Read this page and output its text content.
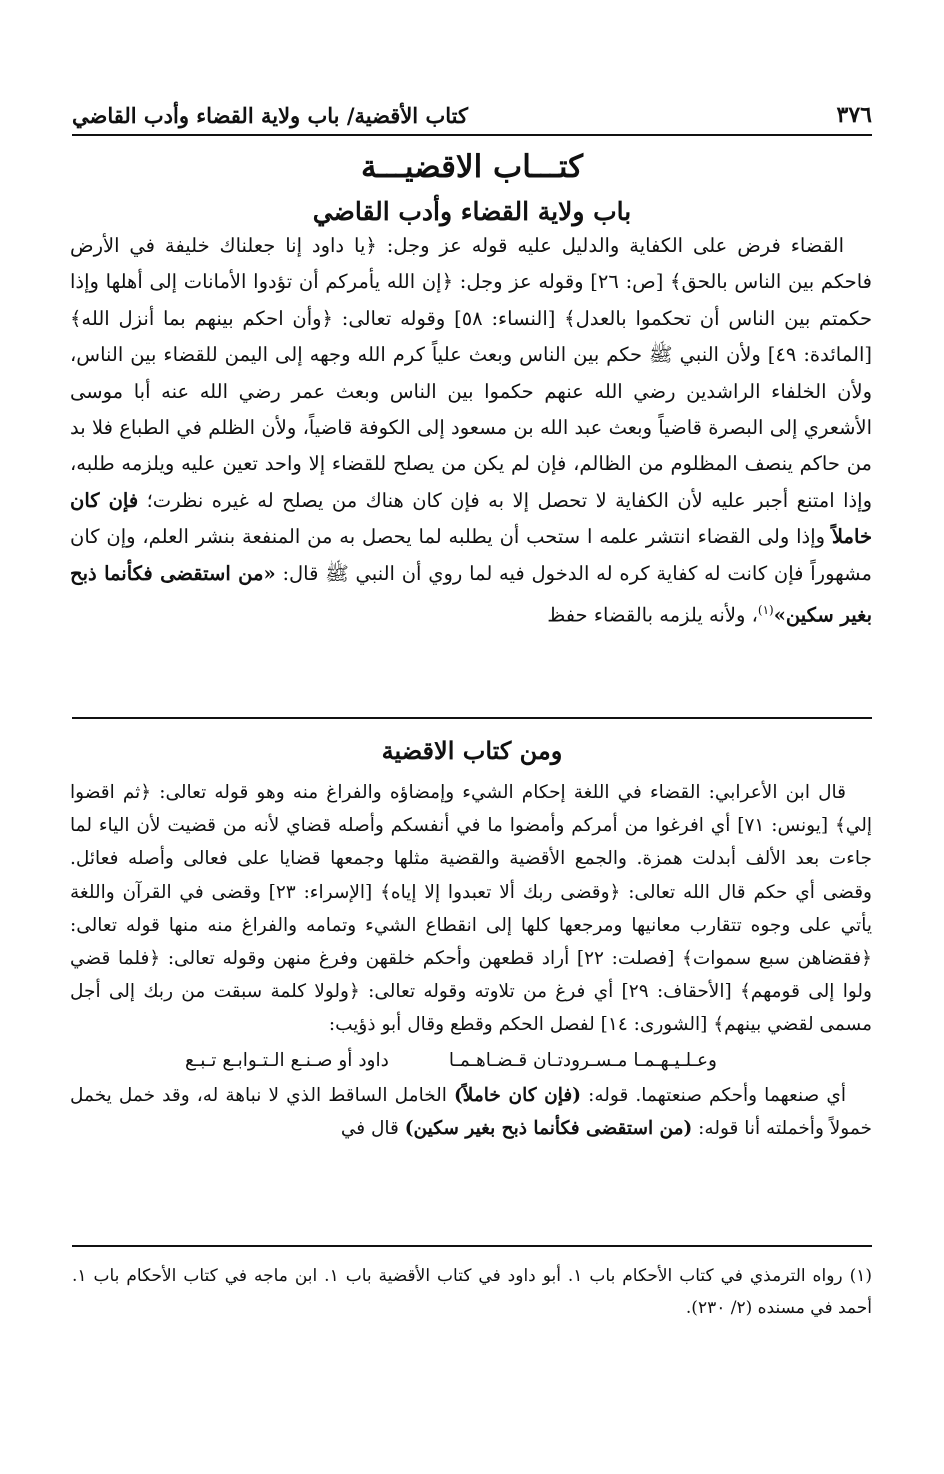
٣٧٦
كتاب الأقضية/ باب ولاية القضاء وأدب القاضي
كتـــاب الاقضيـــة
باب ولاية القضاء وأدب القاضي

القضاء فرض على الكفاية والدليل عليه قوله عز وجل: ﴿يا داود إنا جعلناك خليفة في الأرض فاحكم بين الناس بالحق﴾ [ص: ٢٦] وقوله عز وجل: ﴿إن الله يأمركم أن تؤدوا الأمانات إلى أهلها وإذا حكمتم بين الناس أن تحكموا بالعدل﴾ [النساء: ٥٨] وقوله تعالى: ﴿وأن احكم بينهم بما أنزل الله﴾ [المائدة: ٤٩] ولأن النبي ﷺ حكم بين الناس وبعث علياً كرم الله وجهه إلى اليمن للقضاء بين الناس، ولأن الخلفاء الراشدين رضي الله عنهم حكموا بين الناس وبعث عمر رضي الله عنه أبا موسى الأشعري إلى البصرة قاضياً وبعث عبد الله بن مسعود إلى الكوفة قاضياً، ولأن الظلم في الطباع فلا بد من حاكم ينصف المظلوم من الظالم، فإن لم يكن من يصلح للقضاء إلا واحد تعين عليه ويلزمه طلبه، وإذا امتنع أجبر عليه لأن الكفاية لا تحصل إلا به فإن كان هناك من يصلح له غيره نظرت؛ فإن كان خاملاً وإذا ولى القضاء انتشر علمه ا ستحب أن يطلبه لما يحصل به من المنفعة بنشر العلم، وإن كان مشهوراً فإن كانت له كفاية كره له الدخول فيه لما روي أن النبي ﷺ قال: «من استقضى فكأنما ذبح بغير سكين»$^{(١)}$، ولأنه يلزمه بالقضاء حفظ

ومن كتاب الاقضية

قال ابن الأعرابي: القضاء في اللغة إحكام الشيء وإمضاؤه والفراغ منه وهو قوله تعالى: ﴿ثم اقضوا إلي﴾ [يونس: ٧١] أي افرغوا من أمركم وأمضوا ما في أنفسكم وأصله قضاي لأنه من قضيت لأن الياء لما جاءت بعد الألف أبدلت همزة. والجمع الأقضية والقضية مثلها وجمعها قضايا على فعالى وأصله فعائل. وقضى أي حكم قال الله تعالى: ﴿وقضى ربك ألا تعبدوا إلا إياه﴾ [الإسراء: ٢٣] وقضى في القرآن واللغة يأتي على وجوه تتقارب معانيها ومرجعها كلها إلى انقطاع الشيء وتمامه والفراغ منه منها قوله تعالى: ﴿فقضاهن سبع سموات﴾ [فصلت: ٢٢] أراد قطعهن وأحكم خلقهن وفرغ منهن وقوله تعالى: ﴿فلما قضي ولوا إلى قومهم﴾ [الأحقاف: ٢٩] أي فرغ من تلاوته وقوله تعالى: ﴿ولولا كلمة سبقت من ربك إلى أجل مسمى لقضي بينهم﴾ [الشورى: ١٤] لفصل الحكم وقطع وقال أبو ذؤيب:

وعـلـيـهـمـا مـسـرودتـان قـضـاهـمـا
داود أو صـنـع الـتـوابـع تـبـع

أي صنعهما وأحكم صنعتهما. قوله: (فإن كان خاملاً) الخامل الساقط الذي لا نباهة له، وقد خمل يخمل خمولاً وأخملته أنا قوله: (من استقضى فكأنما ذبح بغير سكين) قال في

(١) رواه الترمذي في كتاب الأحكام باب ١. أبو داود في كتاب الأقضية باب ١. ابن ماجه في كتاب الأحكام باب ١. أحمد في مسنده (٢/ ٢٣٠).
